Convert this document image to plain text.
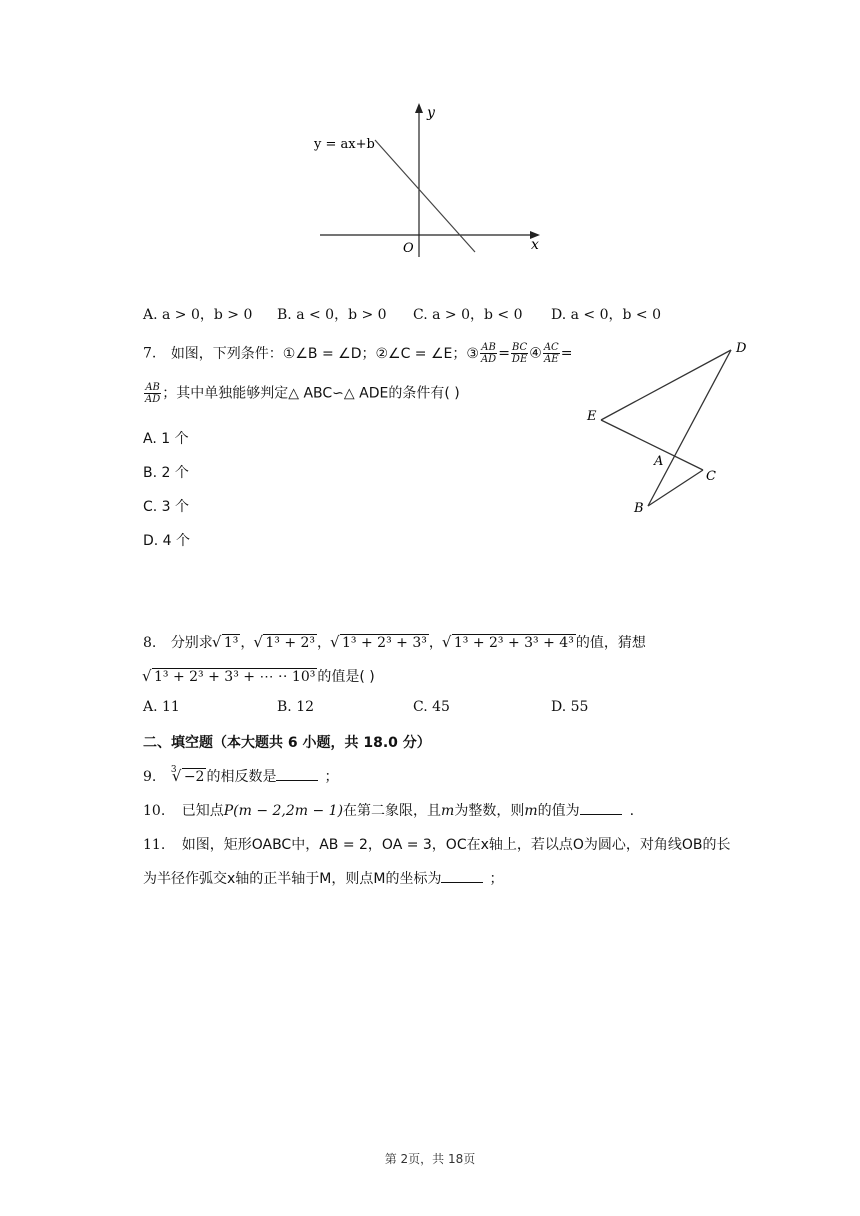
y
x
O
y = ax+b
A. a > 0，b > 0 B. a < 0，b > 0 C. a > 0，b < 0 D. a < 0，b < 0
7. 如图，下列条件：①∠B = ∠D；②∠C = ∠E；③ $\frac{AB}{AD} = \frac{BC}{DE}$ ④ $\frac{AC}{AE}$ =
$\frac{AB}{AD}$ ；其中单独能够判定△ ABC∽△ ADE的条件有( )
A. 1 个
B. 2 个
C. 3 个
D. 4 个
D
E
A
C
B
8. 分别求 √ 1³ ， √ 1³ + 2³ ， √ 1³ + 2³ + 3³ ， √ 1³ + 2³ + 3³ + 4³ 的值，猜想
√ 1³ + 2³ + 3³ + ⋯ ⋅⋅ 10³ 的值是( )
A. 11	B. 12	C. 45	D. 55
二、填空题（本大题共 6 小题，共 18.0 分）
9. 3 √ −2 的相反数是	；
10. 已知点P(m − 2,2m − 1)在第二象限，且m为整数，则m的值为	.
11. 如图，矩形OABC中，AB = 2，OA = 3，OC在x轴上，若以点O为圆心，对角线OB的长
为半径作弧交x轴的正半轴于M，则点M的坐标为	；
第 2页，共 18页
